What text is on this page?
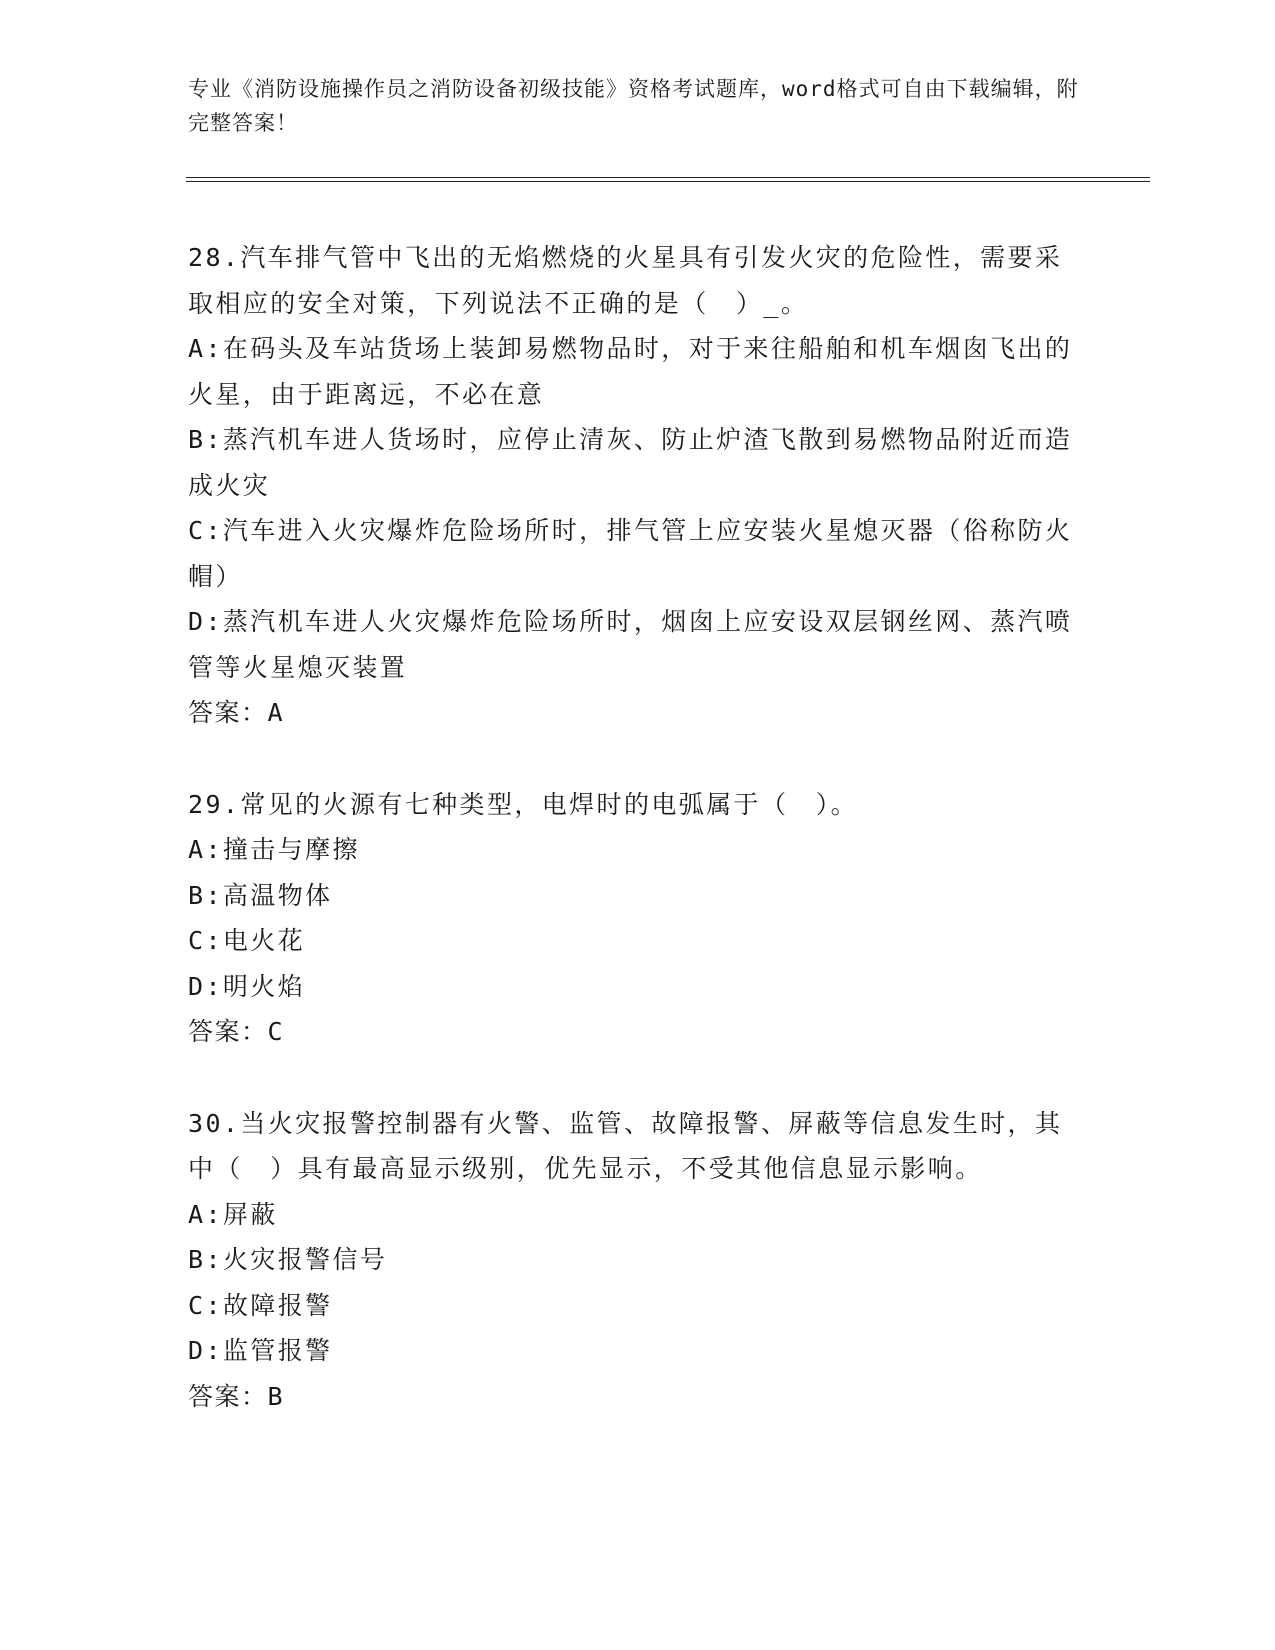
专业《消防设施操作员之消防设备初级技能》资格考试题库，word格式可自由下载编辑，附完整答案！
28.汽车排气管中飞出的无焰燃烧的火星具有引发火灾的危险性，需要采取相应的安全对策，下列说法不正确的是（　）_。
A:在码头及车站货场上装卸易燃物品时，对于来往船舶和机车烟囱飞出的火星，由于距离远，不必在意
B:蒸汽机车进人货场时，应停止清灰、防止炉渣飞散到易燃物品附近而造成火灾
C:汽车进入火灾爆炸危险场所时，排气管上应安装火星熄灭器（俗称防火帽）
D:蒸汽机车进人火灾爆炸危险场所时，烟囱上应安设双层钢丝网、蒸汽喷管等火星熄灭装置
答案：A
29.常见的火源有七种类型，电焊时的电弧属于（　）。
A:撞击与摩擦
B:高温物体
C:电火花
D:明火焰
答案：C
30.当火灾报警控制器有火警、监管、故障报警、屏蔽等信息发生时，其中（　）具有最高显示级别，优先显示，不受其他信息显示影响。
A:屏蔽
B:火灾报警信号
C:故障报警
D:监管报警
答案：B
